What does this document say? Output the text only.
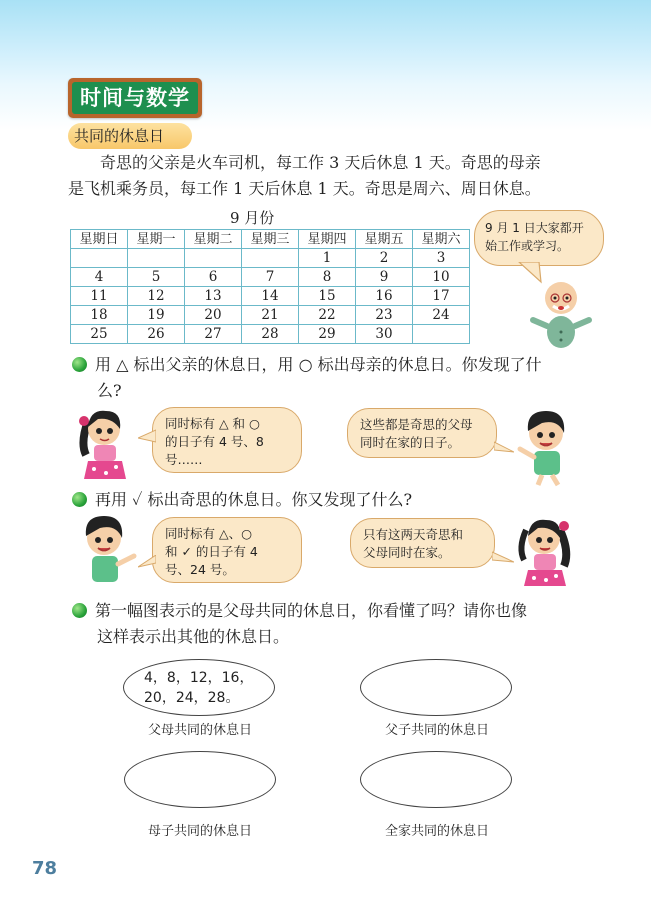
时间与数学
共同的休息日
奇思的父亲是火车司机，每工作 3 天后休息 1 天。奇思的母亲
是飞机乘务员，每工作 1 天后休息 1 天。奇思是周六、周日休息。
9 月份
星期日	星期一	星期二	星期三	星期四	星期五	星期六
				1	2	3
4	5	6	7	8	9	10
11	12	13	14	15	16	17
18	19	20	21	22	23	24
25	26	27	28	29	30	
9 月 1 日大家都开
始工作或学习。
用 △ 标出父亲的休息日，用 ○ 标出母亲的休息日。你发现了什
么?
同时标有 △ 和 ○
的日子有 4 号、8
号……
这些都是奇思的父母
同时在家的日子。
再用 ✓ 标出奇思的休息日。你又发现了什么?
同时标有 △、○
和 ✓ 的日子有 4
号、24 号。
只有这两天奇思和
父母同时在家。
第一幅图表示的是父母共同的休息日，你看懂了吗？请你也像
这样表示出其他的休息日。
4，8，12，16，
20，24，28。
父母共同的休息日	父子共同的休息日
母子共同的休息日	全家共同的休息日
78
